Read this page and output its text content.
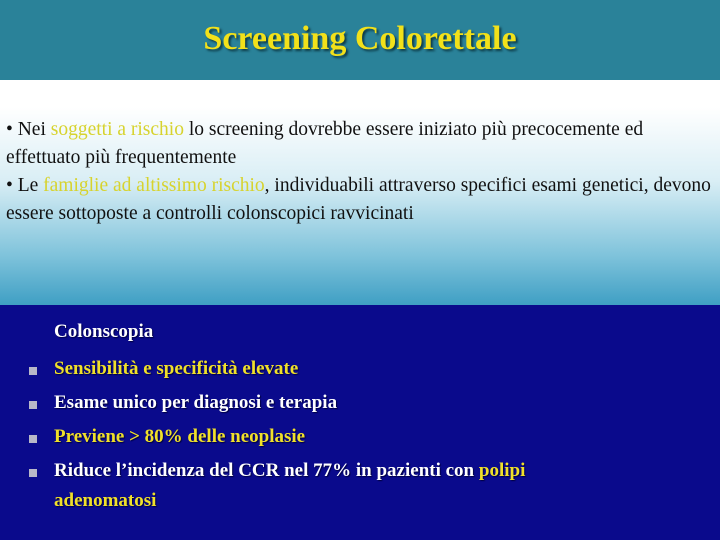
Screening Colorettale

• Nei soggetti a rischio lo screening dovrebbe essere iniziato più precocemente ed effettuato più frequentemente

• Le famiglie ad altissimo rischio, individuabili attraverso specifici esami genetici, devono essere sottoposte a controlli colonscopici ravvicinati

Colonscopia
Sensibilità e specificità elevate
Esame unico per diagnosi e terapia
Previene > 80% delle neoplasie
Riduce l’incidenza del CCR nel 77% in pazienti con polipi
adenomatosi
